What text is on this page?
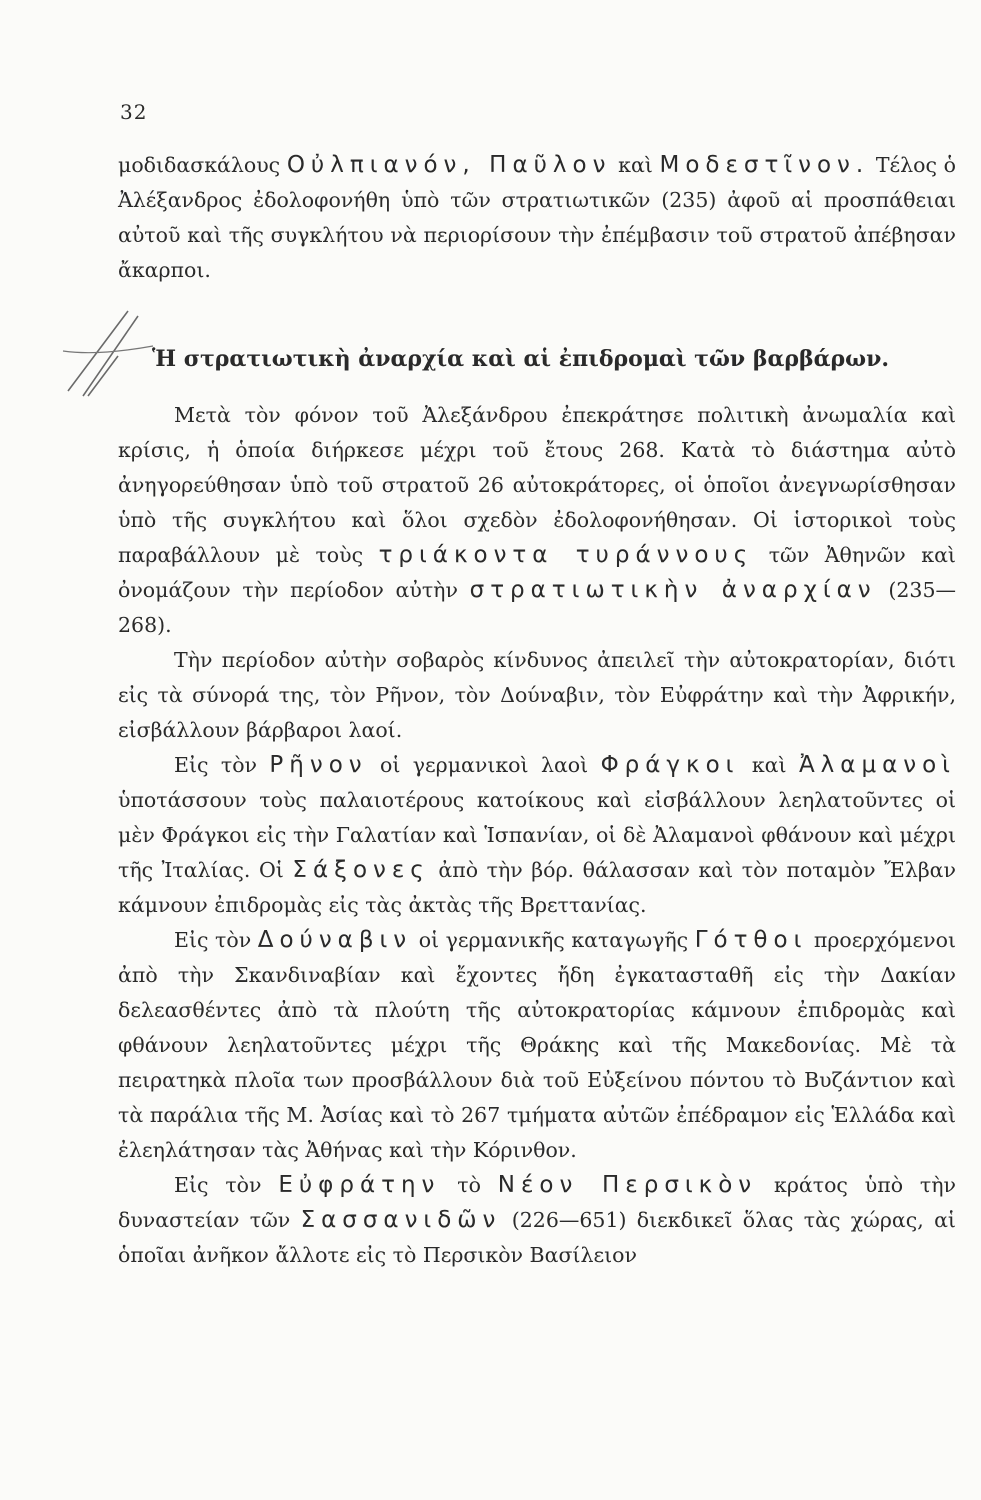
32

μοδιδασκάλους Οὐλπιανόν, Παῦλον καὶ Μοδεστῖνον. Τέλος ὁ Ἀλέξανδρος ἐδολοφονήθη ὑπὸ τῶν στρατιωτικῶν (235) ἀφοῦ αἱ προσπάθειαι αὐτοῦ καὶ τῆς συγκλήτου νὰ περιορίσουν τὴν ἐπέμβασιν τοῦ στρατοῦ ἀπέβησαν ἄκαρποι.

Ἡ στρατιωτικὴ ἀναρχία καὶ αἱ ἐπιδρομαὶ τῶν βαρβάρων.

Μετὰ τὸν φόνον τοῦ Ἀλεξάνδρου ἐπεκράτησε πολιτικὴ ἀνωμαλία καὶ κρίσις, ἡ ὁποία διήρκεσε μέχρι τοῦ ἔτους 268. Κατὰ τὸ διάστημα αὐτὸ ἀνηγορεύθησαν ὑπὸ τοῦ στρατοῦ 26 αὐτοκράτορες, οἱ ὁποῖοι ἀνεγνωρίσθησαν ὑπὸ τῆς συγκλήτου καὶ ὅλοι σχεδὸν ἐδολοφονήθησαν. Οἱ ἱστορικοὶ τοὺς παραβάλλουν μὲ τοὺς τριάκοντα τυράννους τῶν Ἀθηνῶν καὶ ὀνομάζουν τὴν περίοδον αὐτὴν στρατιωτικὴν ἀναρχίαν (235—268).

Τὴν περίοδον αὐτὴν σοβαρὸς κίνδυνος ἀπειλεῖ τὴν αὐτοκρατορίαν, διότι εἰς τὰ σύνορά της, τὸν Ρῆνον, τὸν Δούναβιν, τὸν Εὐφράτην καὶ τὴν Ἀφρικήν, εἰσβάλλουν βάρβαροι λαοί.

Εἰς τὸν Ρῆνον οἱ γερμανικοὶ λαοὶ Φράγκοι καὶ Ἀλαμανοὶ ὑποτάσσουν τοὺς παλαιοτέρους κατοίκους καὶ εἰσβάλλουν λεηλατοῦντες οἱ μὲν Φράγκοι εἰς τὴν Γαλατίαν καὶ Ἱσπανίαν, οἱ δὲ Ἀλαμανοὶ φθάνουν καὶ μέχρι τῆς Ἰταλίας. Οἱ Σάξονες ἀπὸ τὴν βόρ. θάλασσαν καὶ τὸν ποταμὸν Ἔλβαν κάμνουν ἐπιδρομὰς εἰς τὰς ἀκτὰς τῆς Βρεττανίας.

Εἰς τὸν Δούναβιν οἱ γερμανικῆς καταγωγῆς Γότθοι προερχόμενοι ἀπὸ τὴν Σκανδιναβίαν καὶ ἔχοντες ἤδη ἐγκατασταθῆ εἰς τὴν Δακίαν δελεασθέντες ἀπὸ τὰ πλούτη τῆς αὐτοκρατορίας κάμνουν ἐπιδρομὰς καὶ φθάνουν λεηλατοῦντες μέχρι τῆς Θράκης καὶ τῆς Μακεδονίας. Μὲ τὰ πειρατηκὰ πλοῖα των προσβάλλουν διὰ τοῦ Εὐξείνου πόντου τὸ Βυζάντιον καὶ τὰ παράλια τῆς Μ. Ἀσίας καὶ τὸ 267 τμήματα αὐτῶν ἐπέδραμον εἰς Ἑλλάδα καὶ ἐλεηλάτησαν τὰς Ἀθήνας καὶ τὴν Κόρινθον.

Εἰς τὸν Εὐφράτην τὸ Νέον Περσικὸν κράτος ὑπὸ τὴν δυναστείαν τῶν Σασσανιδῶν (226—651) διεκδικεῖ ὅλας τὰς χώρας, αἱ ὁποῖαι ἀνῆκον ἄλλοτε εἰς τὸ Περσικὸν Βασίλειον
